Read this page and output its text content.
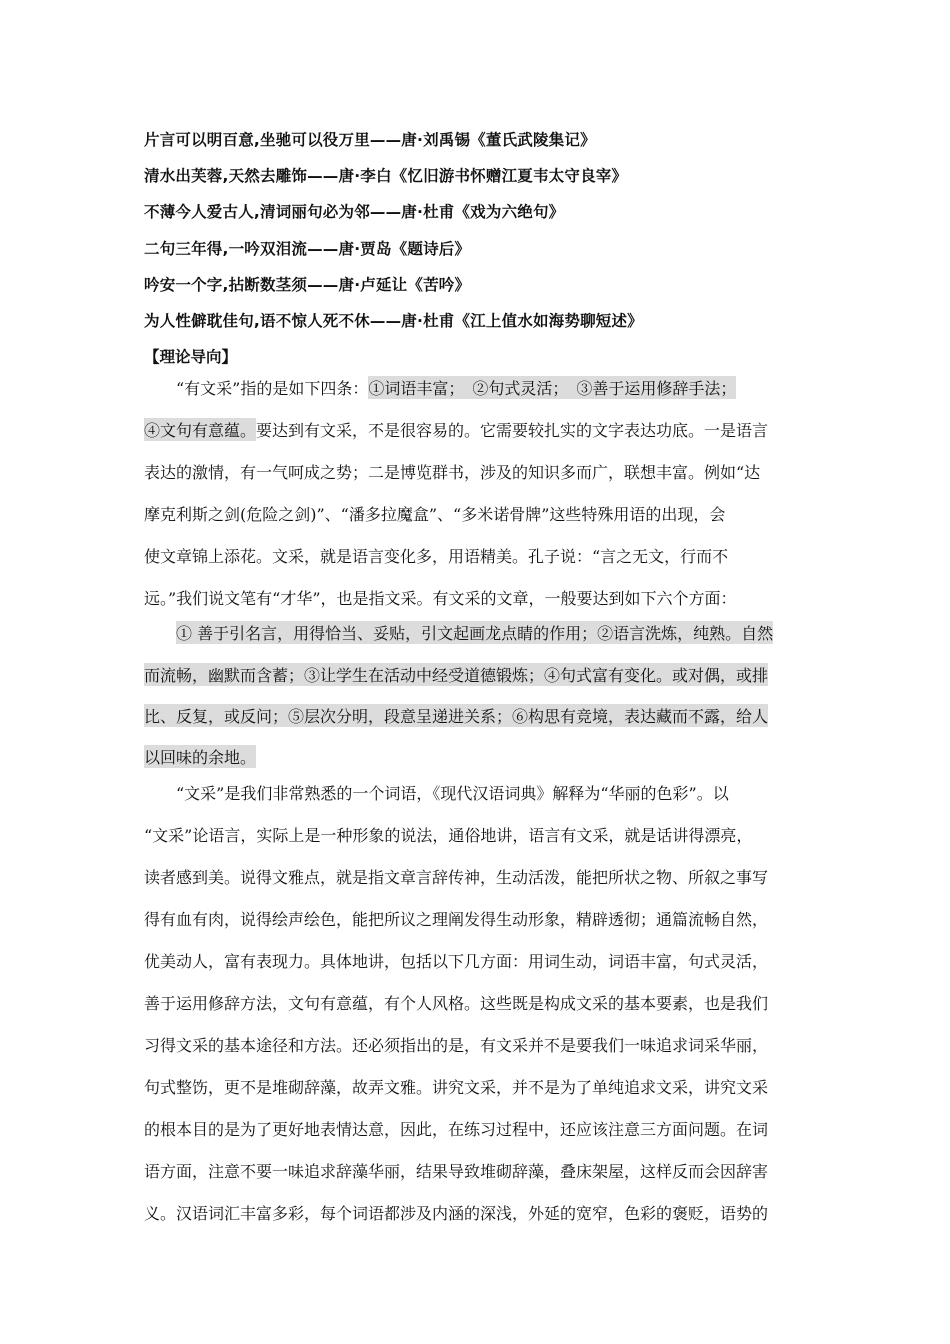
片言可以明百意,坐驰可以役万里——唐·刘禹锡《董氏武陵集记》
清水出芙蓉,天然去雕饰——唐·李白《忆旧游书怀赠江夏韦太守良宰》
不薄今人爱古人,清词丽句必为邻——唐·杜甫《戏为六绝句》
二句三年得,一吟双泪流——唐·贾岛《题诗后》
吟安一个字,拈断数茎须——唐·卢延让《苦吟》
为人性僻耽佳句,语不惊人死不休——唐·杜甫《江上值水如海势聊短述》
【理论导向】
　　“有文采”指的是如下四条： ①词语丰富；　②句式灵活；　③善于运用修辞手法；
④文句有意蕴。 要达到有文采，不是很容易的。它需要较扎实的文字表达功底。一是语言
表达的激情，有一气呵成之势；二是博览群书，涉及的知识多而广，联想丰富。例如“达
摩克利斯之剑(危险之剑)”、“潘多拉魔盒”、“多米诺骨牌”这些特殊用语的出现，会
使文章锦上添花。文采，就是语言变化多，用语精美。孔子说：“言之无文，行而不
远。”我们说文笔有“才华”，也是指文采。有文采的文章，一般要达到如下六个方面：

① 善于引名言，用得恰当、妥贴，引文起画龙点睛的作用；②语言洗炼，纯熟。自然
而流畅，幽默而含蓄；③让学生在活动中经受道德锻炼；④句式富有变化。或对偶，或排
比、反复，或反问；⑤层次分明，段意呈递进关系；⑥构思有竞境，表达藏而不露，给人
以回味的余地。
　　“文采”是我们非常熟悉的一个词语，《现代汉语词典》解释为“华丽的色彩”。以
“文采”论语言，实际上是一种形象的说法，通俗地讲，语言有文采，就是话讲得漂亮，
读者感到美。说得文雅点，就是指文章言辞传神，生动活泼，能把所状之物、所叙之事写
得有血有肉，说得绘声绘色，能把所议之理阐发得生动形象，精辟透彻；通篇流畅自然，
优美动人，富有表现力。具体地讲，包括以下几方面：用词生动，词语丰富，句式灵活，
善于运用修辞方法，文句有意蕴，有个人风格。这些既是构成文采的基本要素，也是我们
习得文采的基本途径和方法。还必须指出的是，有文采并不是要我们一味追求词采华丽，
句式整饬，更不是堆砌辞藻，故弄文雅。讲究文采，并不是为了单纯追求文采，讲究文采
的根本目的是为了更好地表情达意，因此，在练习过程中，还应该注意三方面问题。在词
语方面，注意不要一味追求辞藻华丽，结果导致堆砌辞藻，叠床架屋，这样反而会因辞害
义。汉语词汇丰富多彩，每个词语都涉及内涵的深浅，外延的宽窄，色彩的褒贬，语势的
